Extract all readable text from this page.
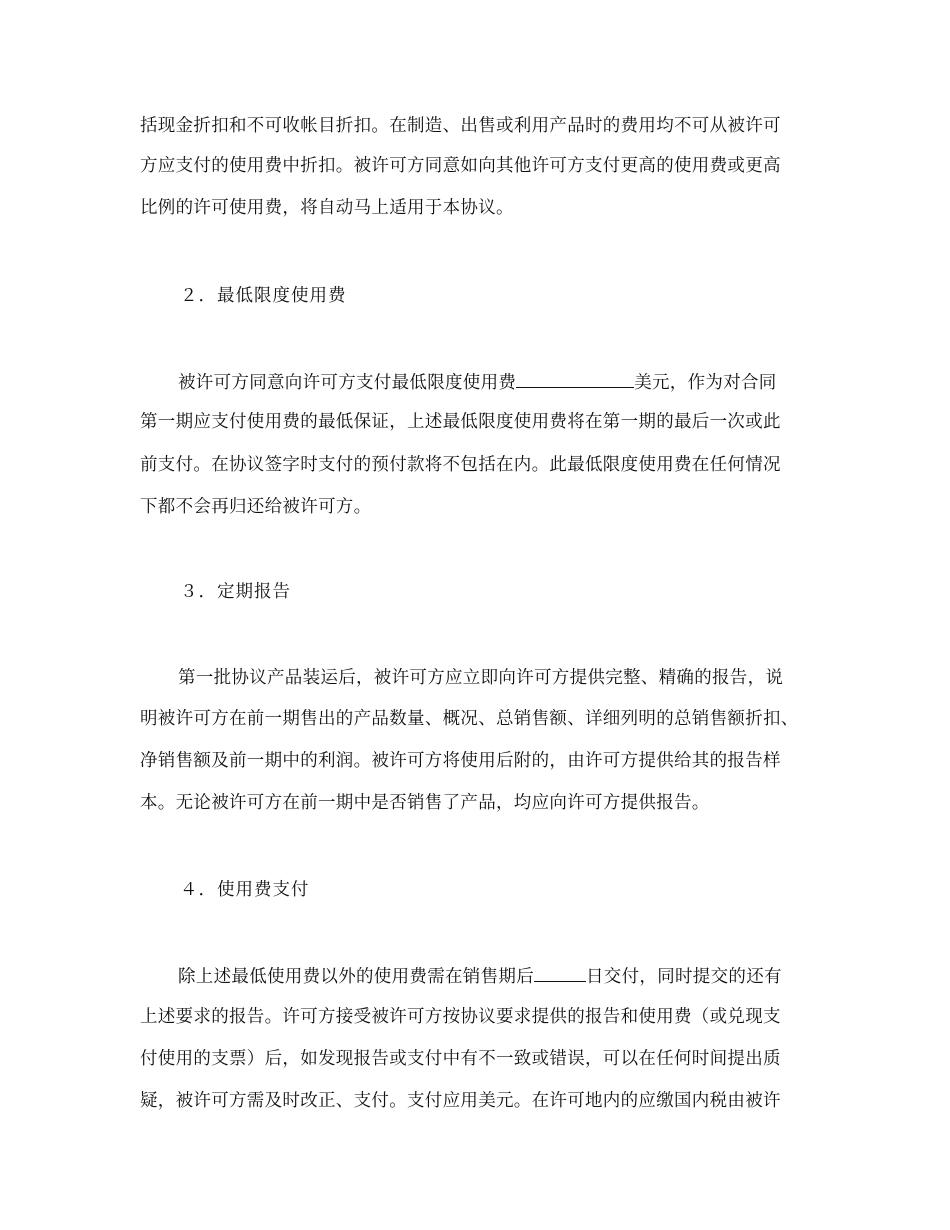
括现金折扣和不可收帐目折扣。在制造、出售或利用产品时的费用均不可从被许可
方应支付的使用费中折扣。被许可方同意如向其他许可方支付更高的使用费或更高
比例的许可使用费，将自动马上适用于本协议。
２．最低限度使用费
被许可方同意向许可方支付最低限度使用费	美元，作为对合同
第一期应支付使用费的最低保证，上述最低限度使用费将在第一期的最后一次或此
前支付。在协议签字时支付的预付款将不包括在内。此最低限度使用费在任何情况
下都不会再归还给被许可方。
３．定期报告
第一批协议产品装运后，被许可方应立即向许可方提供完整、精确的报告，说
明被许可方在前一期售出的产品数量、概况、总销售额、详细列明的总销售额折扣、
净销售额及前一期中的利润。被许可方将使用后附的，由许可方提供给其的报告样
本。无论被许可方在前一期中是否销售了产品，均应向许可方提供报告。
４．使用费支付
除上述最低使用费以外的使用费需在销售期后	日交付，同时提交的还有
上述要求的报告。许可方接受被许可方按协议要求提供的报告和使用费（或兑现支
付使用的支票）后，如发现报告或支付中有不一致或错误，可以在任何时间提出质
疑，被许可方需及时改正、支付。支付应用美元。在许可地内的应缴国内税由被许
